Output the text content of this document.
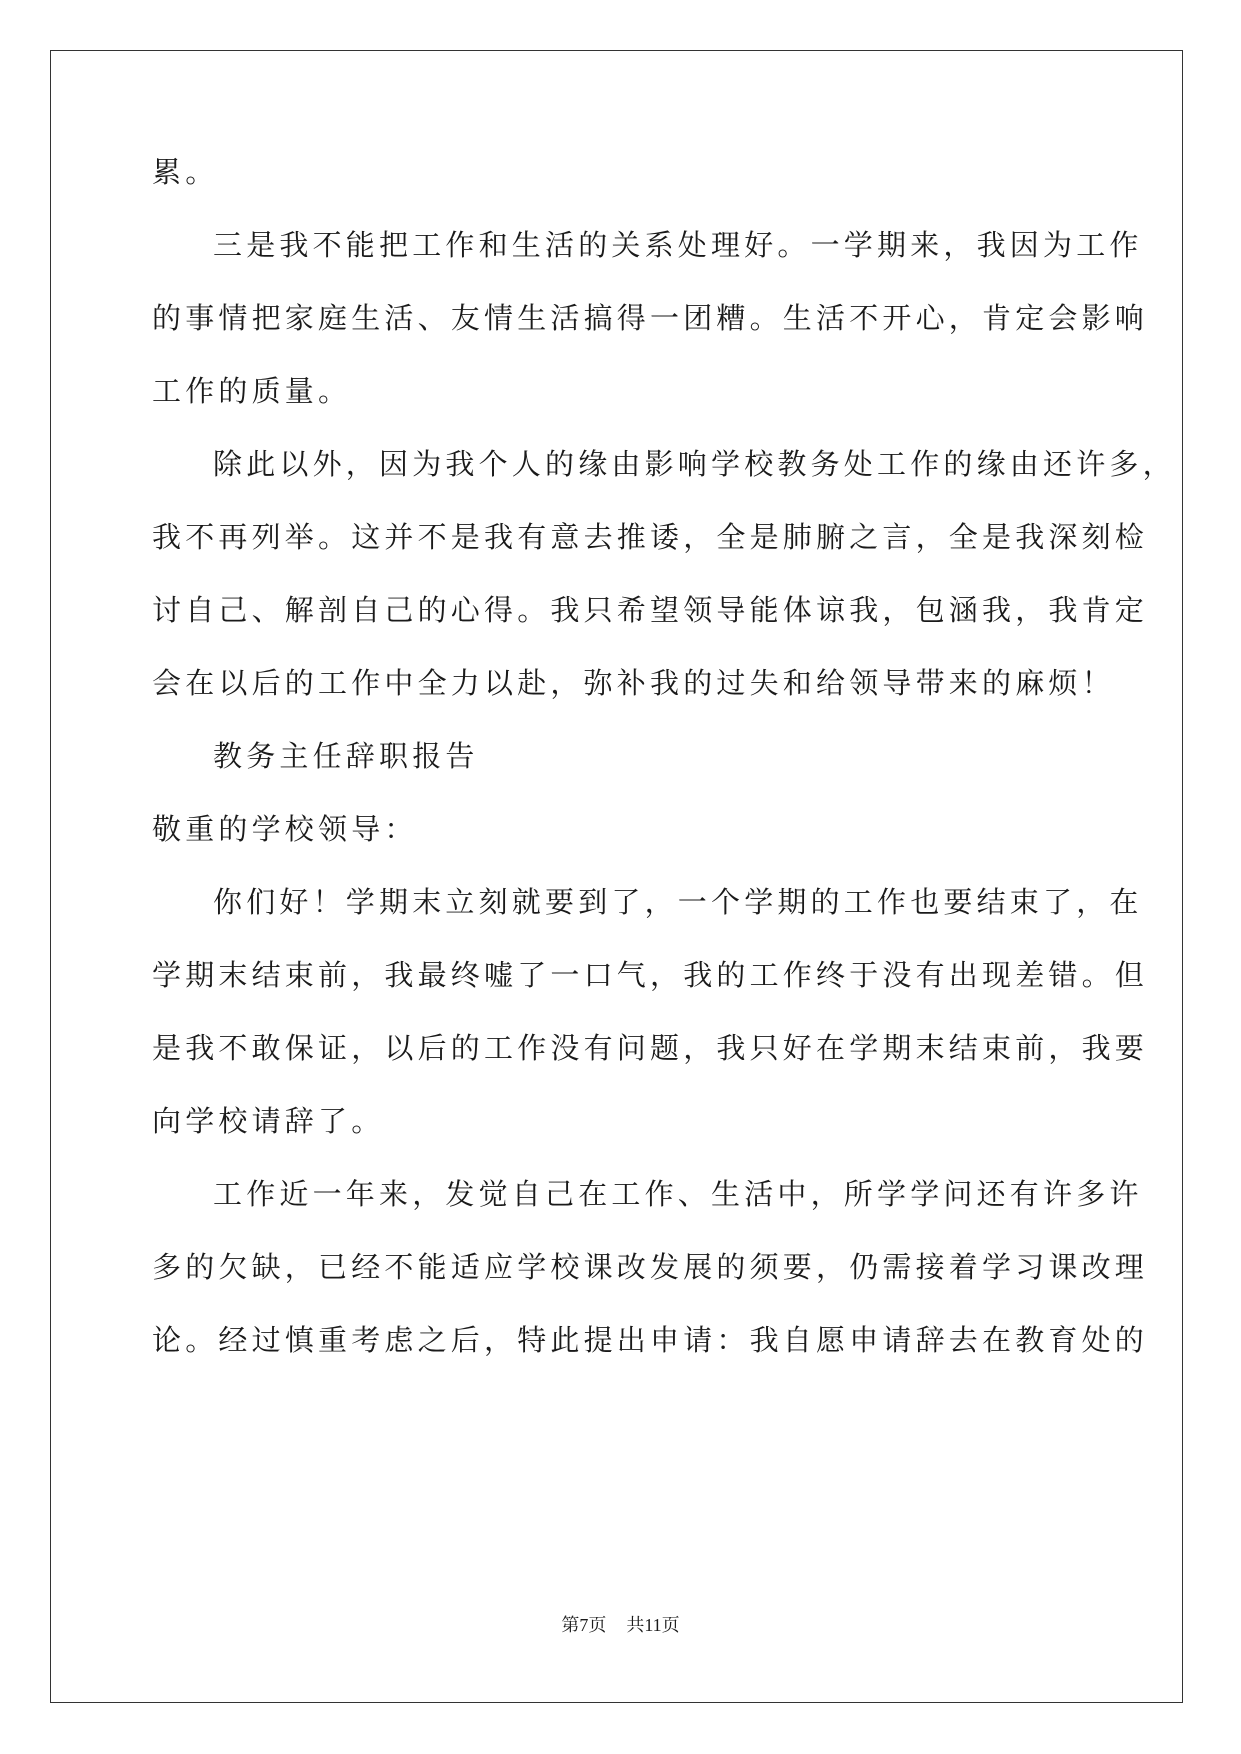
累。
三是我不能把工作和生活的关系处理好。一学期来，我因为工作
的事情把家庭生活、友情生活搞得一团糟。生活不开心，肯定会影响
工作的质量。
除此以外，因为我个人的缘由影响学校教务处工作的缘由还许多，
我不再列举。这并不是我有意去推诿，全是肺腑之言，全是我深刻检
讨自己、解剖自己的心得。我只希望领导能体谅我，包涵我，我肯定
会在以后的工作中全力以赴，弥补我的过失和给领导带来的麻烦！
教务主任辞职报告
敬重的学校领导：
你们好！学期末立刻就要到了，一个学期的工作也要结束了，在
学期末结束前，我最终嘘了一口气，我的工作终于没有出现差错。但
是我不敢保证，以后的工作没有问题，我只好在学期末结束前，我要
向学校请辞了。
工作近一年来，发觉自己在工作、生活中，所学学问还有许多许
多的欠缺，已经不能适应学校课改发展的须要，仍需接着学习课改理
论。经过慎重考虑之后，特此提出申请：我自愿申请辞去在教育处的
第7页 共11页
